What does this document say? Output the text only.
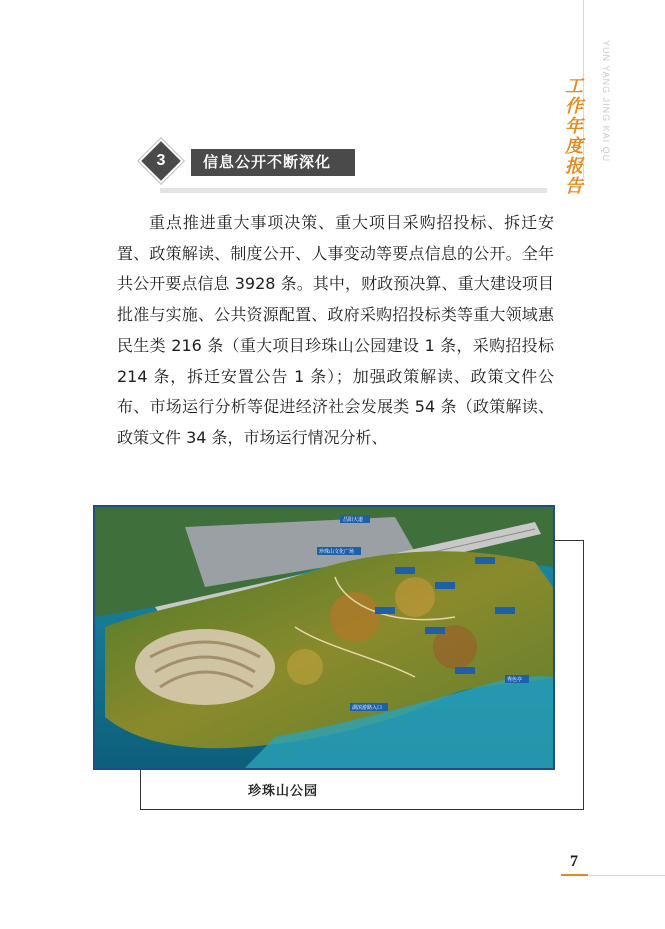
YUN YANG JING KAI QU
工作年度报告
3	信息公开不断深化

重点推进重大事项决策、重大项目采购招投标、拆迁安置、政策解读、制度公开、人事变动等要点信息的公开。全年共公开要点信息 3928 条。其中，财政预决算、重大建设项目批准与实施、公共资源配置、政府采购招投标类等重大领域惠民生类 216 条（重大项目珍珠山公园建设 1 条，采购招投标 214 条，拆迁安置公告 1 条）；加强政策解读、政策文件公布、市场运行分析等促进经济社会发展类 54 条（政策解读、政策文件 34 条，市场运行情况分析、

昌阳大道
珍珠山文化广场
湖滨游路入口
秀色亭
珍珠山公园
7
